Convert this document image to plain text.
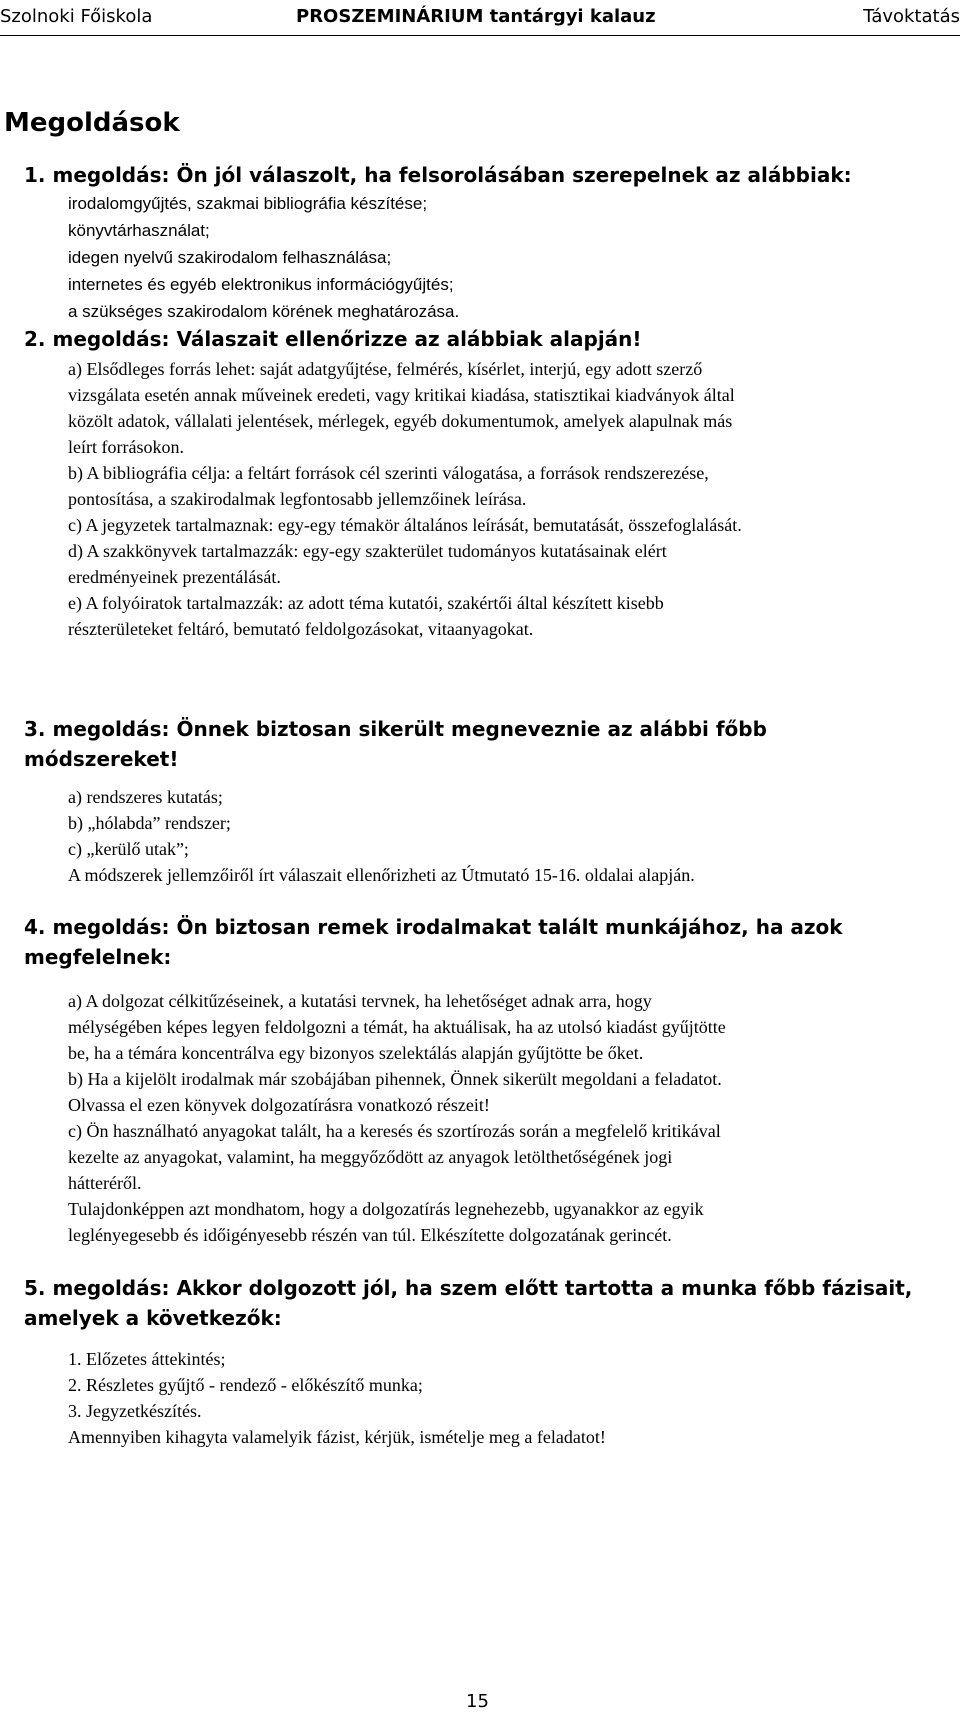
Szolnoki Főiskola	PROSZEMINÁRIUM tantárgyi kalauz	Távoktatás
Megoldások
1. megoldás: Ön jól válaszolt, ha felsorolásában szerepelnek az alábbiak:
irodalomgyűjtés, szakmai bibliográfia készítése;
könyvtárhasználat;
idegen nyelvű szakirodalom felhasználása;
internetes és egyéb elektronikus információgyűjtés;
a szükséges szakirodalom körének meghatározása.
2. megoldás: Válaszait ellenőrizze az alábbiak alapján!
a) Elsődleges forrás lehet: saját adatgyűjtése, felmérés, kísérlet, interjú, egy adott szerző
vizsgálata esetén annak műveinek eredeti, vagy kritikai kiadása, statisztikai kiadványok által
közölt adatok, vállalati jelentések, mérlegek, egyéb dokumentumok, amelyek alapulnak más
leírt forrásokon.
b) A bibliográfia célja: a feltárt források cél szerinti válogatása, a források rendszerezése,
pontosítása, a szakirodalmak legfontosabb jellemzőinek leírása.
c) A jegyzetek tartalmaznak: egy-egy témakör általános leírását, bemutatását, összefoglalását.
d) A szakkönyvek tartalmazzák: egy-egy szakterület tudományos kutatásainak elért
eredményeinek prezentálását.
e) A folyóiratok tartalmazzák: az adott téma kutatói, szakértői által készített kisebb
részterületeket feltáró, bemutató feldolgozásokat, vitaanyagokat.
3. megoldás: Önnek biztosan sikerült megneveznie az alábbi főbb
módszereket!
a) rendszeres kutatás;
b) „hólabda” rendszer;
c) „kerülő utak”;
A módszerek jellemzőiről írt válaszait ellenőrizheti az Útmutató 15-16. oldalai alapján.
4. megoldás: Ön biztosan remek irodalmakat talált munkájához, ha azok
megfelelnek:
a) A dolgozat célkitűzéseinek, a kutatási tervnek, ha lehetőséget adnak arra, hogy
mélységében képes legyen feldolgozni a témát, ha aktuálisak, ha az utolsó kiadást gyűjtötte
be, ha a témára koncentrálva egy bizonyos szelektálás alapján gyűjtötte be őket.
b) Ha a kijelölt irodalmak már szobájában pihennek, Önnek sikerült megoldani a feladatot.
Olvassa el ezen könyvek dolgozatírásra vonatkozó részeit!
c) Ön használható anyagokat talált, ha a keresés és szortírozás során a megfelelő kritikával
kezelte az anyagokat, valamint, ha meggyőződött az anyagok letölthetőségének jogi
hátteréről.
Tulajdonképpen azt mondhatom, hogy a dolgozatírás legnehezebb, ugyanakkor az egyik
leglényegesebb és időigényesebb részén van túl. Elkészítette dolgozatának gerincét.
5. megoldás: Akkor dolgozott jól, ha szem előtt tartotta a munka főbb fázisait,
amelyek a következők:
1. Előzetes áttekintés;
2. Részletes gyűjtő - rendező - előkészítő munka;
3. Jegyzetkészítés.
Amennyiben kihagyta valamelyik fázist, kérjük, ismételje meg a feladatot!
15
